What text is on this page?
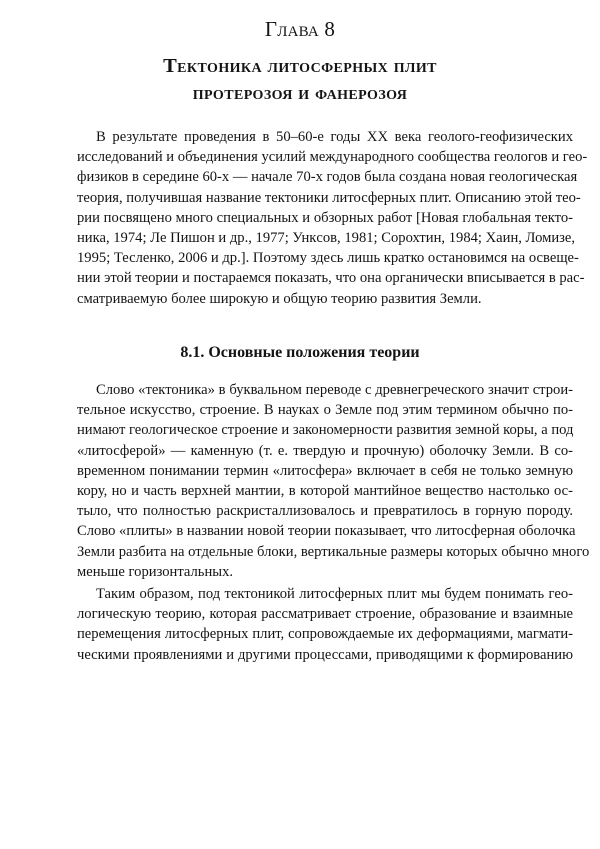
Глава 8
Тектоника литосферных плит
протерозоя и фанерозоя

В результате проведения в 50–60-е годы XX века геолого-геофизических
исследований и объединения усилий международного сообщества геологов и гео-
физиков в середине 60-х — начале 70-х годов была создана новая геологическая
теория, получившая название тектоники литосферных плит. Описанию этой тео-
рии посвящено много специальных и обзорных работ [Новая глобальная текто-
ника, 1974; Ле Пишон и др., 1977; Ункcов, 1981; Сорохтин, 1984; Хаин, Ломизе,
1995; Тесленко, 2006 и др.]. Поэтому здесь лишь кратко остановимся на освеще-
нии этой теории и постараемся показать, что она органически вписывается в рас-
сматриваемую более широкую и общую теорию развития Земли.

8.1. Основные положения теории

Слово «тектоника» в буквальном переводе с древнегреческого значит строи-
тельное искусство, строение. В науках о Земле под этим термином обычно по-
нимают геологическое строение и закономерности развития земной коры, а под
«литосферой» — каменную (т. е. твердую и прочную) оболочку Земли. В со-
временном понимании термин «литосфера» включает в себя не только земную
кору, но и часть верхней мантии, в которой мантийное вещество настолько ос-
тыло, что полностью раскристаллизовалось и превратилось в горную породу.
Слово «плиты» в названии новой теории показывает, что литосферная оболочка
Земли разбита на отдельные блоки, вертикальные размеры которых обычно много
меньше горизонтальных.

Таким образом, под тектоникой литосферных плит мы будем понимать гео-
логическую теорию, которая рассматривает строение, образование и взаимные
перемещения литосферных плит, сопровождаемые их деформациями, магмати-
ческими проявлениями и другими процессами, приводящими к формированию
